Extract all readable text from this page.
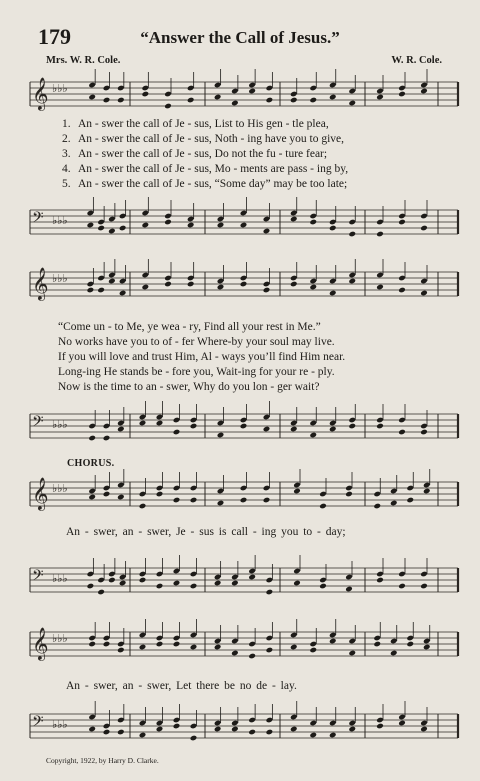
179	“Answer the Call of Jesus.”
Mrs. W. R. Cole.	W. R. Cole.
𝄞 ♭♭♭
1. An - swer the call of Je - sus, List to His gen - tle plea,
2. An - swer the call of Je - sus, Noth - ing have you to give,
3. An - swer the call of Je - sus, Do not the fu - ture fear;
4. An - swer the call of Je - sus, Mo - ments are pass - ing by,
5. An - swer the call of Je - sus, “Some day” may be too late;
𝄢 ♭♭♭
𝄞 ♭♭♭
“Come un - to Me, ye wea - ry, Find all your rest in Me.”
No works have you to of - fer Where-by your soul may live.
If you will love and trust Him, Al - ways you’ll find Him near.
Long-ing He stands be - fore you, Wait-ing for your re - ply.
Now is the time to an - swer, Why do you lon - ger wait?
𝄢 ♭♭♭
CHORUS.
𝄞 ♭♭♭
An - swer, an - swer, Je - sus is call - ing you to - day;
𝄢 ♭♭♭
𝄞 ♭♭♭
An - swer, an - swer, Let there be no de - lay.
𝄢 ♭♭♭
Copyright, 1922, by Harry D. Clarke.
